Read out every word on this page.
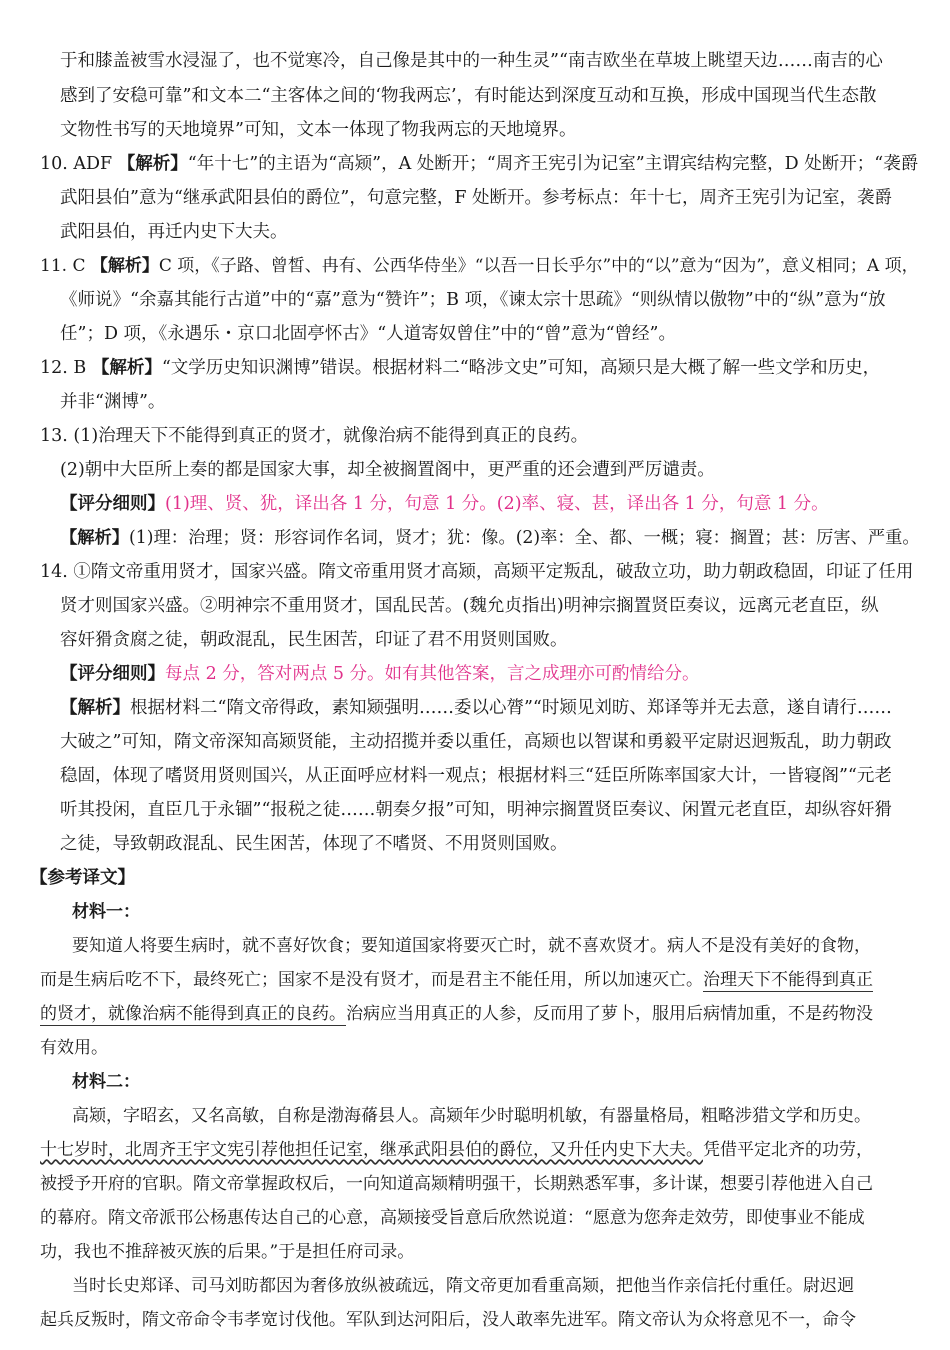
于和膝盖被雪水浸湿了，也不觉寒冷，自己像是其中的一种生灵”“南吉欧坐在草坡上眺望天边……南吉的心
感到了安稳可靠”和文本二“主客体之间的‘物我两忘’，有时能达到深度互动和互换，形成中国现当代生态散
文物性书写的天地境界”可知，文本一体现了物我两忘的天地境界。
10. ADF 【解析】“年十七”的主语为“高颎”，A 处断开；“周齐王宪引为记室”主谓宾结构完整，D 处断开；“袭爵
武阳县伯”意为“继承武阳县伯的爵位”，句意完整，F 处断开。参考标点：年十七，周齐王宪引为记室，袭爵
武阳县伯，再迁内史下大夫。
11. C 【解析】C 项，《子路、曾皙、冉有、公西华侍坐》“以吾一日长乎尔”中的“以”意为“因为”，意义相同；A 项，
《师说》“余嘉其能行古道”中的“嘉”意为“赞许”；B 项，《谏太宗十思疏》“则纵情以傲物”中的“纵”意为“放
任”；D 项，《永遇乐・京口北固亭怀古》“人道寄奴曾住”中的“曾”意为“曾经”。
12. B 【解析】“文学历史知识渊博”错误。根据材料二“略涉文史”可知，高颎只是大概了解一些文学和历史，
并非“渊博”。
13. (1)治理天下不能得到真正的贤才，就像治病不能得到真正的良药。
(2)朝中大臣所上奏的都是国家大事，却全被搁置阁中，更严重的还会遭到严厉谴责。
【评分细则】(1)理、贤、犹，译出各 1 分，句意 1 分。(2)率、寝、甚，译出各 1 分，句意 1 分。
【解析】(1)理：治理；贤：形容词作名词，贤才；犹：像。(2)率：全、都、一概；寝：搁置；甚：厉害、严重。
14. ①隋文帝重用贤才，国家兴盛。隋文帝重用贤才高颎，高颎平定叛乱，破敌立功，助力朝政稳固，印证了任用
贤才则国家兴盛。②明神宗不重用贤才，国乱民苦。(魏允贞指出)明神宗搁置贤臣奏议，远离元老直臣，纵
容奸猾贪腐之徒，朝政混乱，民生困苦，印证了君不用贤则国败。
【评分细则】每点 2 分，答对两点 5 分。如有其他答案，言之成理亦可酌情给分。
【解析】根据材料二“隋文帝得政，素知颎强明……委以心膂”“时颎见刘昉、郑译等并无去意，遂自请行……
大破之”可知，隋文帝深知高颎贤能，主动招揽并委以重任，高颎也以智谋和勇毅平定尉迟迥叛乱，助力朝政
稳固，体现了嗜贤用贤则国兴，从正面呼应材料一观点；根据材料三“廷臣所陈率国家大计，一皆寝阁”“元老
听其投闲，直臣几于永锢”“报税之徒……朝奏夕报”可知，明神宗搁置贤臣奏议、闲置元老直臣，却纵容奸猾
之徒，导致朝政混乱、民生困苦，体现了不嗜贤、不用贤则国败。
【参考译文】
材料一：
要知道人将要生病时，就不喜好饮食；要知道国家将要灭亡时，就不喜欢贤才。病人不是没有美好的食物，
而是生病后吃不下，最终死亡；国家不是没有贤才，而是君主不能任用，所以加速灭亡。治理天下不能得到真正
的贤才，就像治病不能得到真正的良药。治病应当用真正的人参，反而用了萝卜，服用后病情加重，不是药物没
有效用。
材料二：
高颎，字昭玄，又名高敏，自称是渤海蓨县人。高颎年少时聪明机敏，有器量格局，粗略涉猎文学和历史。
十七岁时，北周齐王宇文宪引荐他担任记室，继承武阳县伯的爵位，又升任内史下大夫。凭借平定北齐的功劳，
被授予开府的官职。隋文帝掌握政权后，一向知道高颎精明强干，长期熟悉军事，多计谋，想要引荐他进入自己
的幕府。隋文帝派邗公杨惠传达自己的心意，高颎接受旨意后欣然说道：“愿意为您奔走效劳，即使事业不能成
功，我也不推辞被灭族的后果。”于是担任府司录。
当时长史郑译、司马刘昉都因为奢侈放纵被疏远，隋文帝更加看重高颎，把他当作亲信托付重任。尉迟迥
起兵反叛时，隋文帝命令韦孝宽讨伐他。军队到达河阳后，没人敢率先进军。隋文帝认为众将意见不一，命令
